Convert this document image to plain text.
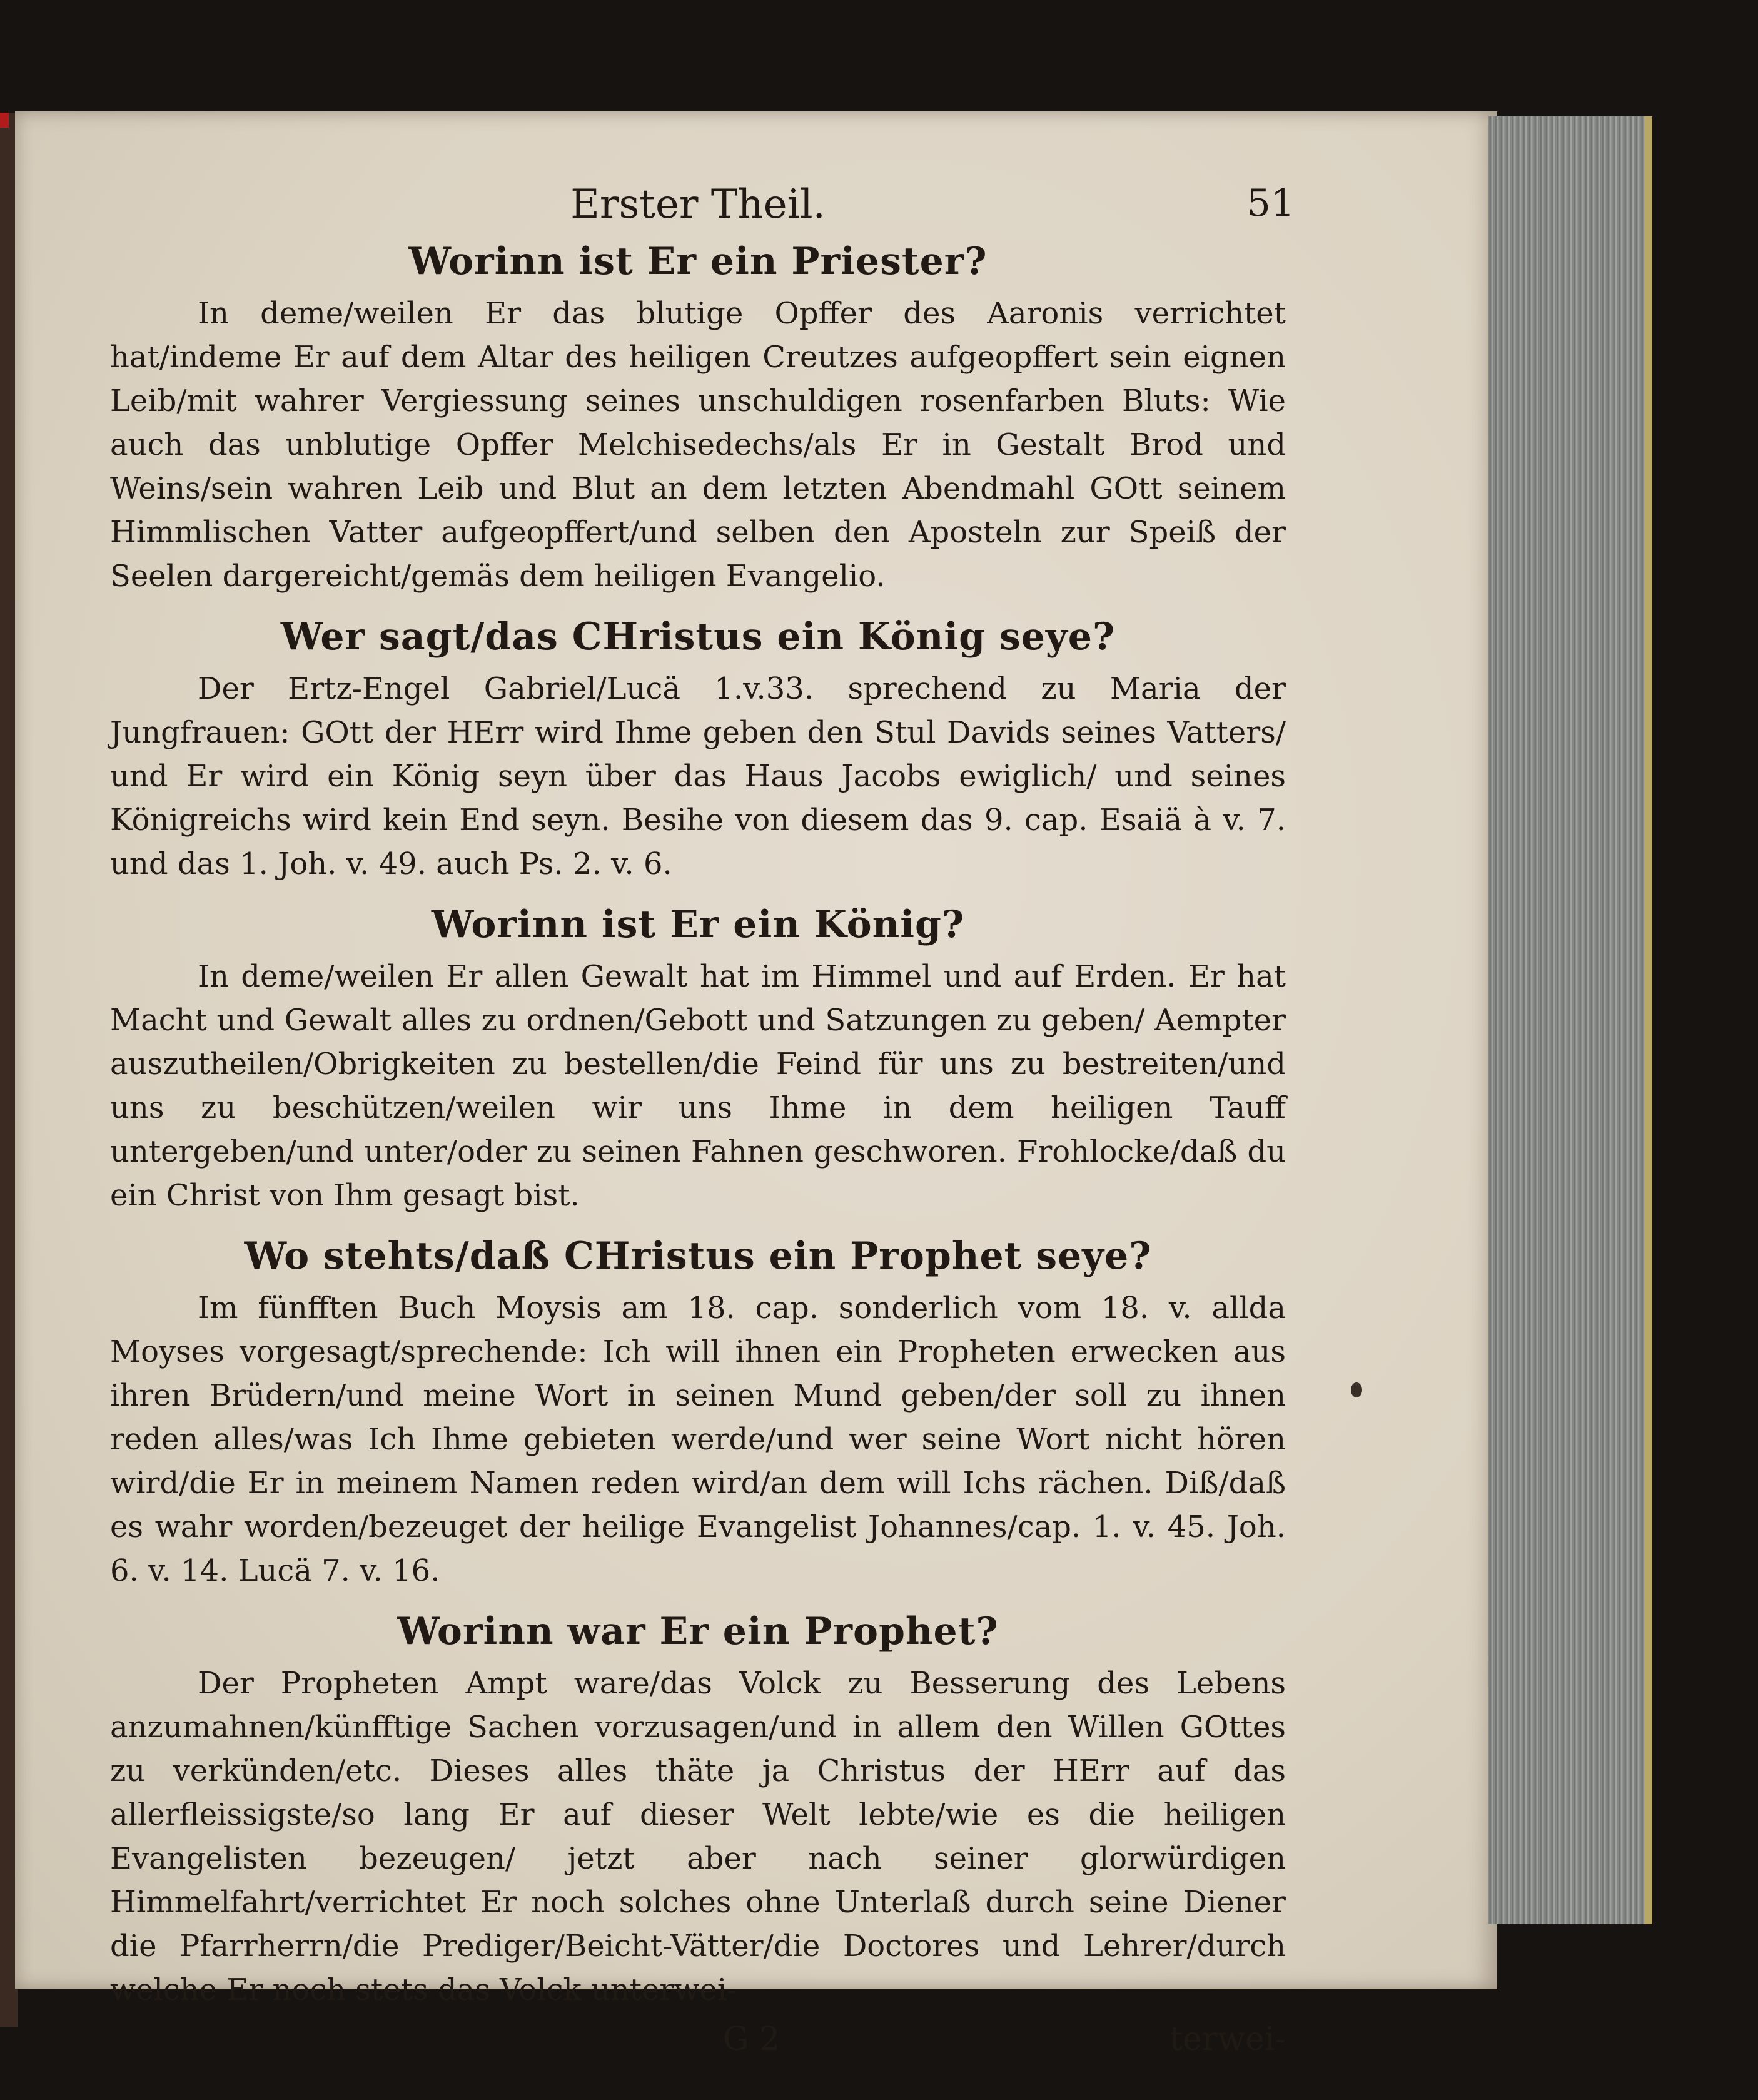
Erster Theil.	51
Worinn ist Er ein Priester?

In deme/weilen Er das blutige Opffer des Aaronis verrichtet hat/indeme Er auf dem Altar des heiligen Creutzes aufgeopffert sein eignen Leib/mit wahrer Vergiessung seines unschuldigen rosenfarben Bluts: Wie auch das unblutige Opffer Melchisedechs/als Er in Gestalt Brod und Weins/sein wahren Leib und Blut an dem letzten Abendmahl GOtt seinem Himmlischen Vatter aufgeopffert/und selben den Aposteln zur Speiß der Seelen dargereicht/gemäs dem heiligen Evangelio.

Wer sagt/das CHristus ein König seye?

Der Ertz-Engel Gabriel/Lucä 1.v.33. sprechend zu Maria der Jungfrauen: GOtt der HErr wird Ihme geben den Stul Davids seines Vatters/ und Er wird ein König seyn über das Haus Jacobs ewiglich/ und seines Königreichs wird kein End seyn. Besihe von diesem das 9. cap. Esaiä à v. 7. und das 1. Joh. v. 49. auch Ps. 2. v. 6.

Worinn ist Er ein König?

In deme/weilen Er allen Gewalt hat im Himmel und auf Erden. Er hat Macht und Gewalt alles zu ordnen/Gebott und Satzungen zu geben/ Aempter auszutheilen/Obrigkeiten zu bestellen/die Feind für uns zu bestreiten/und uns zu beschützen/weilen wir uns Ihme in dem heiligen Tauff untergeben/und unter/oder zu seinen Fahnen geschworen. Frohlocke/daß du ein Christ von Ihm gesagt bist.

Wo stehts/daß CHristus ein Prophet seye?

Im fünfften Buch Moysis am 18. cap. sonderlich vom 18. v. allda Moyses vorgesagt/sprechende: Ich will ihnen ein Propheten erwecken aus ihren Brüdern/und meine Wort in seinen Mund geben/der soll zu ihnen reden alles/was Ich Ihme gebieten werde/und wer seine Wort nicht hören wird/die Er in meinem Namen reden wird/an dem will Ichs rächen. Diß/daß es wahr worden/bezeuget der heilige Evangelist Johannes/cap. 1. v. 45. Joh. 6. v. 14. Lucä 7. v. 16.

Worinn war Er ein Prophet?

Der Propheten Ampt ware/das Volck zu Besserung des Lebens anzumahnen/künfftige Sachen vorzusagen/und in allem den Willen GOttes zu verkünden/etc. Dieses alles thäte ja Christus der HErr auf das allerfleissigste/so lang Er auf dieser Welt lebte/wie es die heiligen Evangelisten bezeugen/ jetzt aber nach seiner glorwürdigen Himmelfahrt/verrichtet Er noch solches ohne Unterlaß durch seine Diener die Pfarrherrn/die Prediger/Beicht-Vätter/die Doctores und Lehrer/durch welche Er noch stets das Volck unterwei-

G 2	terwei-
